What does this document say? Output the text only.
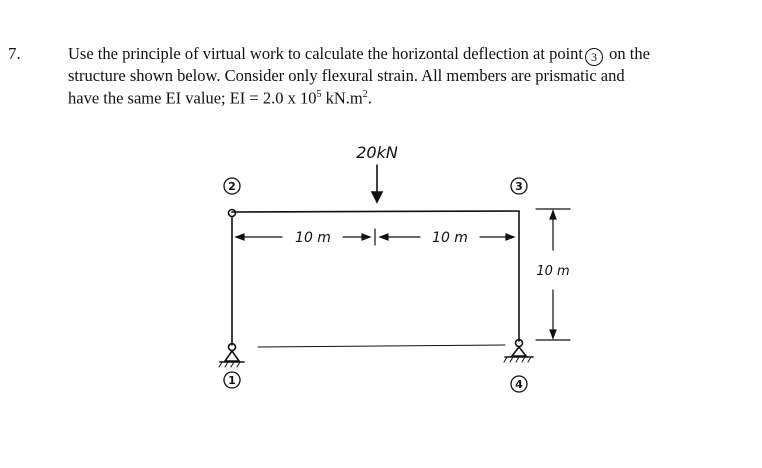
7.	Use the principle of virtual work to calculate the horizontal deflection at point 3 on the
structure shown below. Consider only flexural strain. All members are prismatic and
have the same EI value; EI = 2.0 x $10^5$ $kN.m^2$.
20kN
10 m	10 m
10 m
1
2	3
4
